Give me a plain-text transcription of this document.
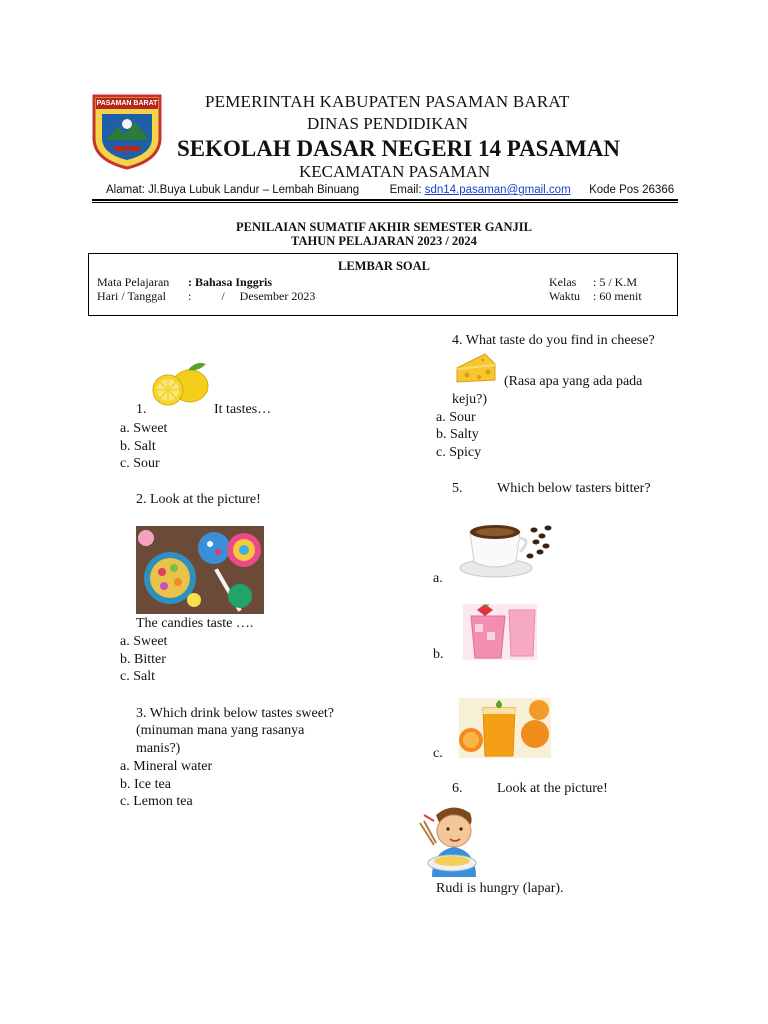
PASAMAN BARAT	PEMERINTAH KABUPATEN PASAMAN BARAT
DINAS PENDIDIKAN
SEKOLAH DASAR NEGERI 14 PASAMAN
KECAMATAN PASAMAN
Alamat: Jl.Buya Lubuk Landur – Lembah Binuang	Email: sdn14.pasaman@gmail.com Kode Pos 26366
PENILAIAN SUMATIF AKHIR SEMESTER GANJIL
TAHUN PELAJARAN 2023 / 2024
LEMBAR SOAL
Mata Pelajaran : Bahasa Inggris
Hari / Tanggal :          /     Desember 2023
Kelas : 5 / K.M
Waktu : 60 menit
1.	It tastes…
a. Sweet
b. Salt
c. Sour
2. Look at the picture!
The candies taste ….
a. Sweet
b. Bitter
c. Salt
3. Which drink below tastes sweet?
(minuman mana yang rasanya
manis?)
a. Mineral water
b. Ice tea
c. Lemon tea
4. What taste do you find in cheese?
(Rasa apa yang ada pada
keju?)
a. Sour
b. Salty
c. Spicy
5. Which below tasters bitter?
a.
b.
c.
6. Look at the picture!
Rudi is hungry (lapar).
